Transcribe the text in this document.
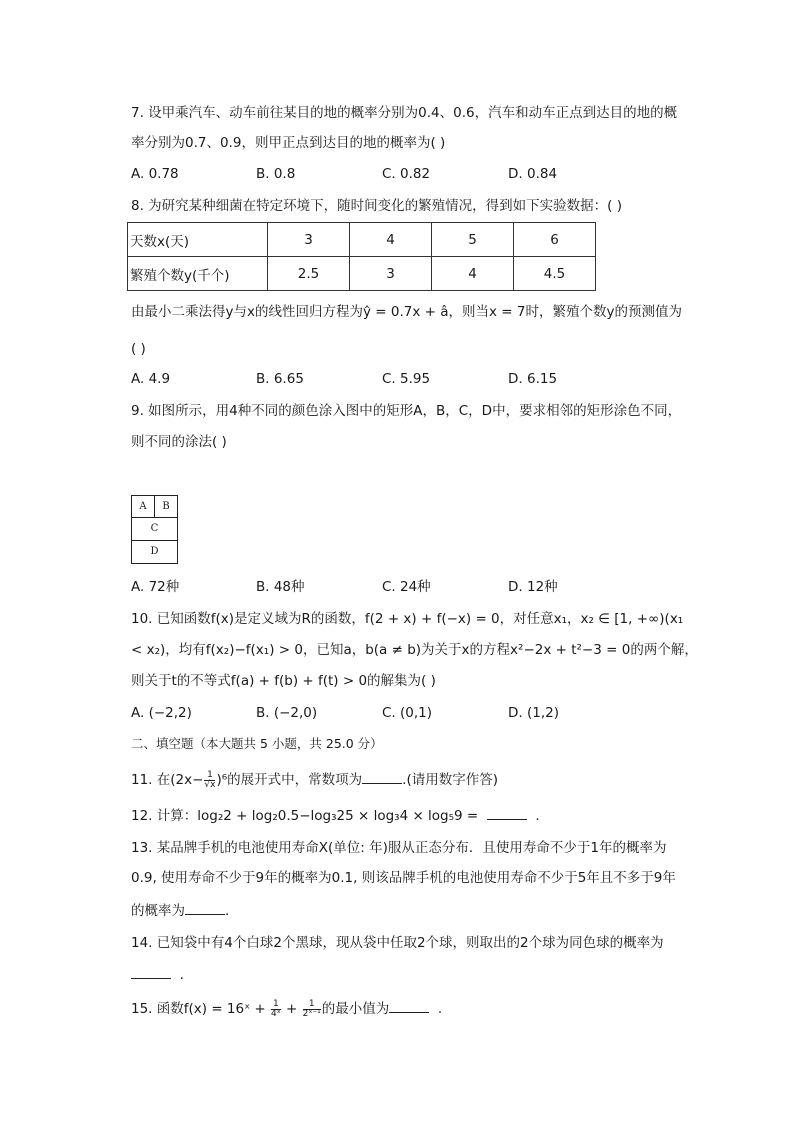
7. 设甲乘汽车、动车前往某目的地的概率分别为0.4、0.6，汽车和动车正点到达目的地的概
率分别为0.7、0.9，则甲正点到达目的地的概率为( )
A. 0.78	B. 0.8	C. 0.82	D. 0.84
8. 为研究某种细菌在特定环境下，随时间变化的繁殖情况，得到如下实验数据：( )
天数x(天)	3	4	5	6
繁殖个数y(千个)	2.5	3	4	4.5
由最小二乘法得y与x的线性回归方程为ŷ = 0.7x + â，则当x = 7时，繁殖个数y的预测值为
( )
A. 4.9	B. 6.65	C. 5.95	D. 6.15
9. 如图所示，用4种不同的颜色涂入图中的矩形A，B，C，D中，要求相邻的矩形涂色不同，
则不同的涂法( )
A	B
C
D
A. 72种	B. 48种	C. 24种	D. 12种
10. 已知函数f(x)是定义域为R的函数，f(2 + x) + f(−x) = 0，对任意x₁，x₂ ∈ [1, +∞)(x₁
< x₂)，均有f(x₂)−f(x₁) > 0，已知a，b(a ≠ b)为关于x的方程x²−2x + t²−3 = 0的两个解，
则关于t的不等式f(a) + f(b) + f(t) > 0的解集为( )
A. (−2,2)	B. (−2,0)	C. (0,1)	D. (1,2)
二、填空题（本大题共 5 小题，共 25.0 分）
11. 在$(2x- \frac{1}{√x} )^6$的展开式中，常数项为	.(请用数字作答)
12. 计算：log₂2 + log₂0.5−log₃25 × log₃4 × log₅9 =	.
13. 某品牌手机的电池使用寿命X(单位: 年)服从正态分布．且使用寿命不少于1年的概率为
0.9, 使用寿命不少于9年的概率为0.1, 则该品牌手机的电池使用寿命不少于5年且不多于9年
的概率为	.
14. 已知袋中有4个白球2个黑球，现从袋中任取2个球，则取出的2个球为同色球的概率为
.
15. 函数f(x) = 16ˣ + $\frac{1}{\text{4ˣ}} + \frac{1}{\text{2ˣ⁻¹}}$ 的最小值为	.
